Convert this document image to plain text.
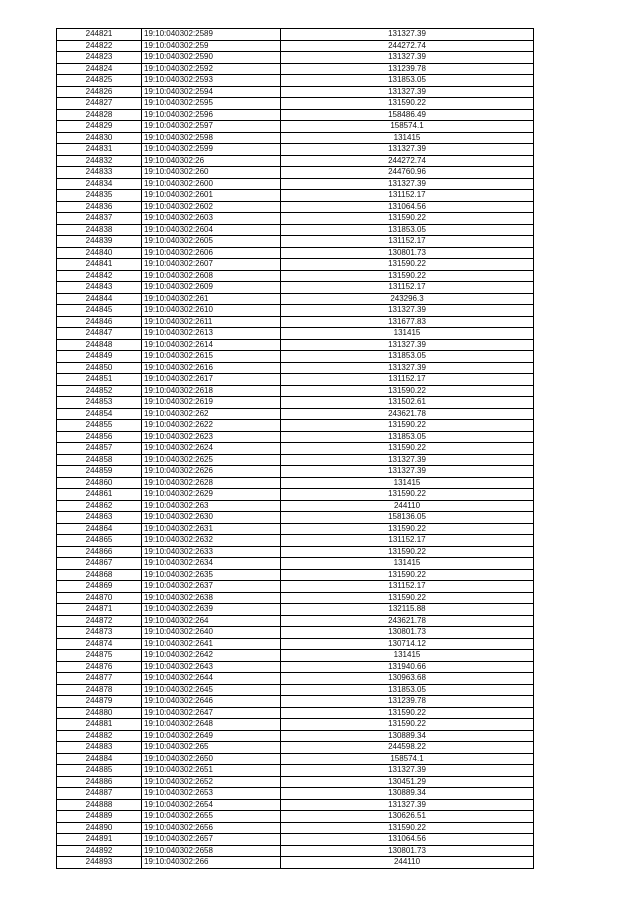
244821	19:10:040302:2589	131327.39
244822	19:10:040302:259	244272.74
244823	19:10:040302:2590	131327.39
244824	19:10:040302:2592	131239.78
244825	19:10:040302:2593	131853.05
244826	19:10:040302:2594	131327.39
244827	19:10:040302:2595	131590.22
244828	19:10:040302:2596	158486.49
244829	19:10:040302:2597	158574.1
244830	19:10:040302:2598	131415
244831	19:10:040302:2599	131327.39
244832	19:10:040302:26	244272.74
244833	19:10:040302:260	244760.96
244834	19:10:040302:2600	131327.39
244835	19:10:040302:2601	131152.17
244836	19:10:040302:2602	131064.56
244837	19:10:040302:2603	131590.22
244838	19:10:040302:2604	131853.05
244839	19:10:040302:2605	131152.17
244840	19:10:040302:2606	130801.73
244841	19:10:040302:2607	131590.22
244842	19:10:040302:2608	131590.22
244843	19:10:040302:2609	131152.17
244844	19:10:040302:261	243296.3
244845	19:10:040302:2610	131327.39
244846	19:10:040302:2611	131677.83
244847	19:10:040302:2613	131415
244848	19:10:040302:2614	131327.39
244849	19:10:040302:2615	131853.05
244850	19:10:040302:2616	131327.39
244851	19:10:040302:2617	131152.17
244852	19:10:040302:2618	131590.22
244853	19:10:040302:2619	131502.61
244854	19:10:040302:262	243621.78
244855	19:10:040302:2622	131590.22
244856	19:10:040302:2623	131853.05
244857	19:10:040302:2624	131590.22
244858	19:10:040302:2625	131327.39
244859	19:10:040302:2626	131327.39
244860	19:10:040302:2628	131415
244861	19:10:040302:2629	131590.22
244862	19:10:040302:263	244110
244863	19:10:040302:2630	158136.05
244864	19:10:040302:2631	131590.22
244865	19:10:040302:2632	131152.17
244866	19:10:040302:2633	131590.22
244867	19:10:040302:2634	131415
244868	19:10:040302:2635	131590.22
244869	19:10:040302:2637	131152.17
244870	19:10:040302:2638	131590.22
244871	19:10:040302:2639	132115.88
244872	19:10:040302:264	243621.78
244873	19:10:040302:2640	130801.73
244874	19:10:040302:2641	130714.12
244875	19:10:040302:2642	131415
244876	19:10:040302:2643	131940.66
244877	19:10:040302:2644	130963.68
244878	19:10:040302:2645	131853.05
244879	19:10:040302:2646	131239.78
244880	19:10:040302:2647	131590.22
244881	19:10:040302:2648	131590.22
244882	19:10:040302:2649	130889.34
244883	19:10:040302:265	244598.22
244884	19:10:040302:2650	158574.1
244885	19:10:040302:2651	131327.39
244886	19:10:040302:2652	130451.29
244887	19:10:040302:2653	130889.34
244888	19:10:040302:2654	131327.39
244889	19:10:040302:2655	130626.51
244890	19:10:040302:2656	131590.22
244891	19:10:040302:2657	131064.56
244892	19:10:040302:2658	130801.73
244893	19:10:040302:266	244110
